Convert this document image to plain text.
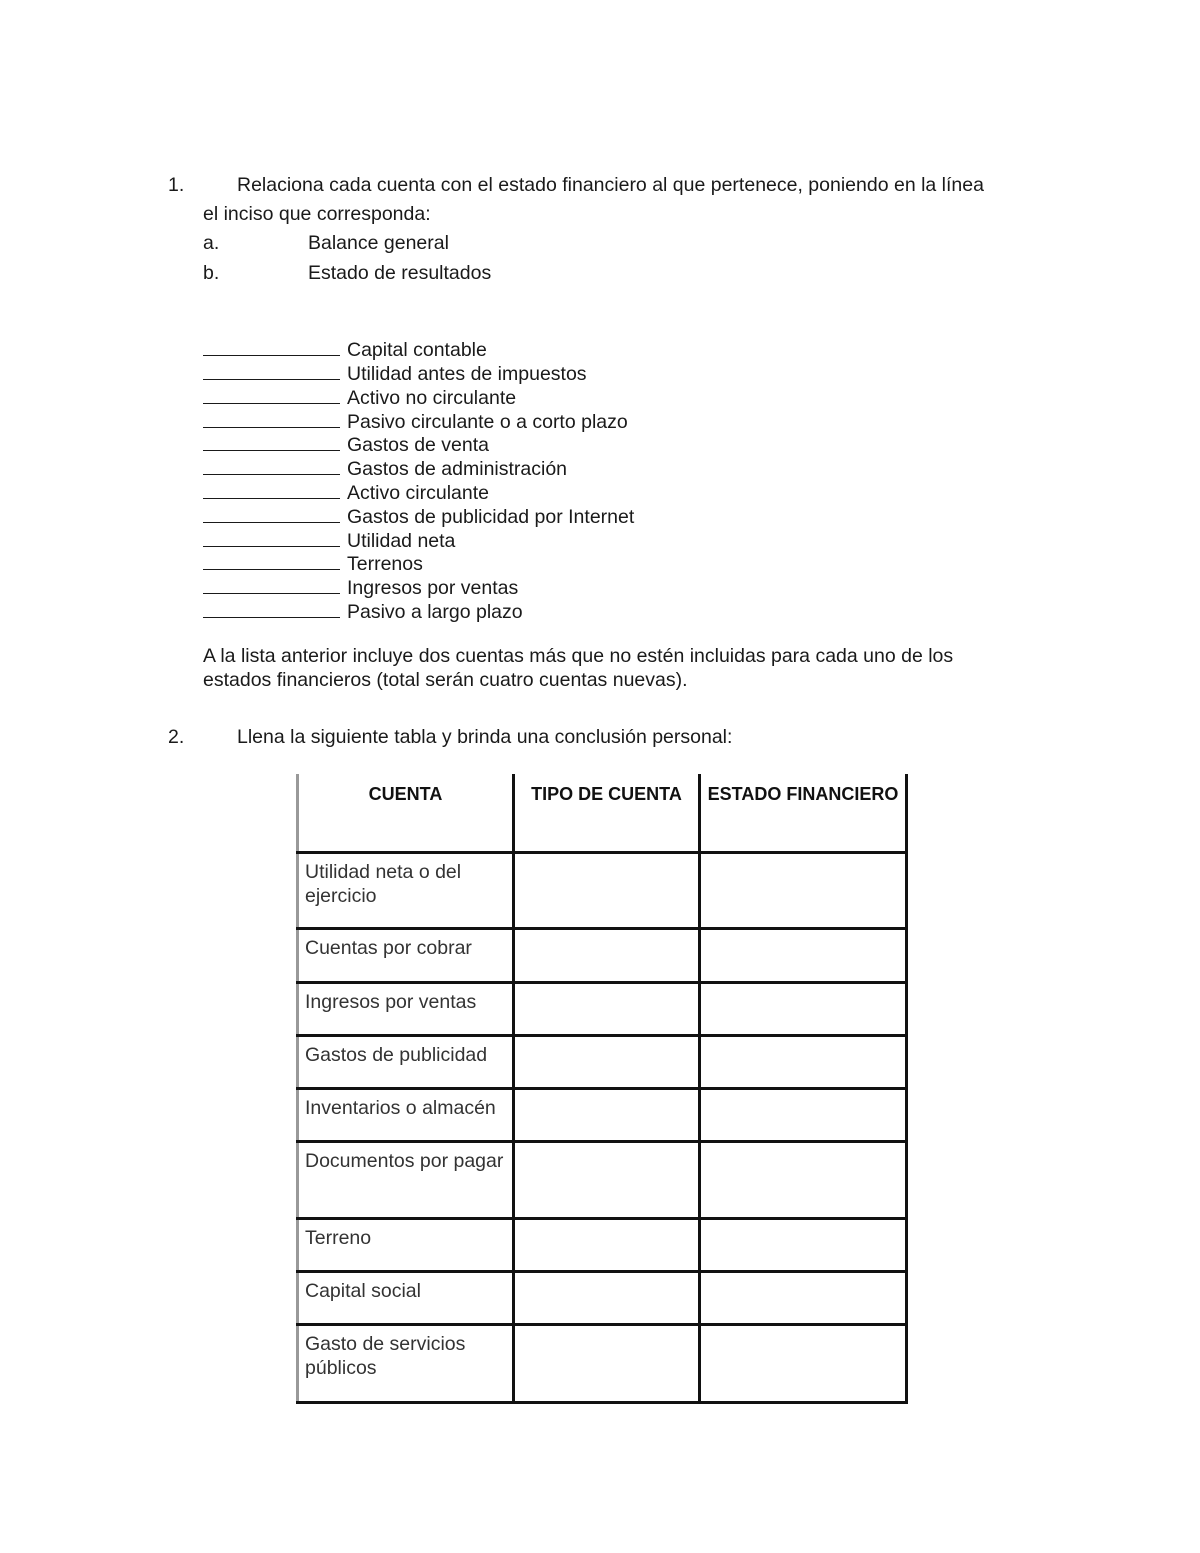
1.	Relaciona cada cuenta con el estado financiero al que pertenece, poniendo en la línea
el inciso que corresponda:
a.	Balance general
b.	Estado de resultados
Capital contable
Utilidad antes de impuestos
Activo no circulante
Pasivo circulante o a corto plazo
Gastos de venta
Gastos de administración
Activo circulante
Gastos de publicidad por Internet
Utilidad neta
Terrenos
Ingresos por ventas
Pasivo a largo plazo
A la lista anterior incluye dos cuentas más que no estén incluidas para cada uno de los estados financieros (total serán cuatro cuentas nuevas).
2.	Llena la siguiente tabla y brinda una conclusión personal:
CUENTA	TIPO DE CUENTA	ESTADO FINANCIERO
Utilidad neta o del ejercicio		
Cuentas por cobrar		
Ingresos por ventas		
Gastos de publicidad		
Inventarios o almacén		
Documentos por pagar		
Terreno		
Capital social		
Gasto de servicios públicos		
